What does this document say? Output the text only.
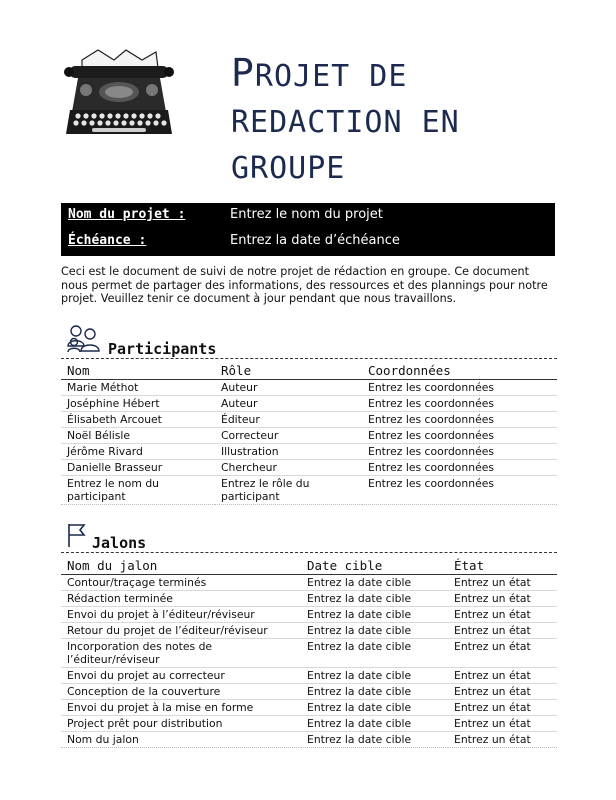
PROJET DE
REDACTION EN
GROUPE
Nom du projet :	Entrez le nom du projet
Échéance :	Entrez la date d’échéance

Ceci est le document de suivi de notre projet de rédaction en groupe. Ce document nous permet de partager des informations, des ressources et des plannings pour notre projet. Veuillez tenir ce document à jour pendant que nous travaillons.

Participants
Nom	Rôle	Coordonnées
Marie Méthot	Auteur	Entrez les coordonnées
Joséphine Hébert	Auteur	Entrez les coordonnées
Élisabeth Arcouet	Éditeur	Entrez les coordonnées
Noël Bélisle	Correcteur	Entrez les coordonnées
Jérôme Rivard	Illustration	Entrez les coordonnées
Danielle Brasseur	Chercheur	Entrez les coordonnées
Entrez le nom du participant	Entrez le rôle du participant	Entrez les coordonnées
Jalons
Nom du jalon	Date cible	État
Contour/traçage terminés	Entrez la date cible	Entrez un état
Rédaction terminée	Entrez la date cible	Entrez un état
Envoi du projet à l’éditeur/réviseur	Entrez la date cible	Entrez un état
Retour du projet de l’éditeur/réviseur	Entrez la date cible	Entrez un état
Incorporation des notes de l’éditeur/réviseur	Entrez la date cible	Entrez un état
Envoi du projet au correcteur	Entrez la date cible	Entrez un état
Conception de la couverture	Entrez la date cible	Entrez un état
Envoi du projet à la mise en forme	Entrez la date cible	Entrez un état
Project prêt pour distribution	Entrez la date cible	Entrez un état
Nom du jalon	Entrez la date cible	Entrez un état
